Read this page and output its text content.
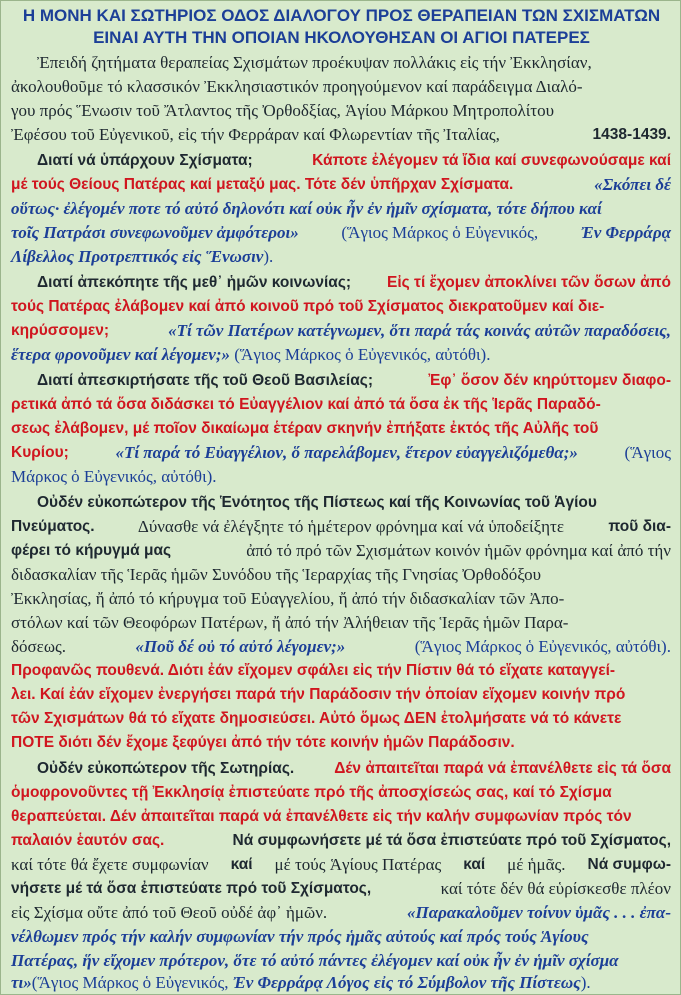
Η ΜΟΝΗ ΚΑΙ ΣΩΤΗΡΙΟΣ ΟΔΟΣ ΔΙΑΛΟΓΟΥ ΠΡΟΣ ΘΕΡΑΠΕΙΑΝ ΤΩΝ ΣΧΙΣΜΑΤΩΝ
ΕΙΝΑΙ ΑΥΤΗ ΤΗΝ ΟΠΟΙΑΝ ΗΚΟΛΟΥΘΗΣΑΝ ΟΙ ΑΓΙΟΙ ΠΑΤΕΡΕΣ
Ἐπειδή ζητήματα θεραπείας Σχισμάτων προέκυψαν πολλάκις εἰς τήν Ἐκκλησίαν,
ἀκολουθοῦμε τό κλασσικόν Ἐκκλησιαστικόν προηγούμενον καί παράδειγμα Διαλό-
γου πρός Ἕνωσιν τοῦ Ἄτλαντος τῆς Ὀρθοδξίας, Ἁγίου Μάρκου Μητροπολίτου
Ἐφέσου τοῦ Εὐγενικοῦ, εἰς τήν Φερράραν καί Φλωρεντίαν τῆς Ἰταλίας,	1438-1439.
Διατί νά ὑπάρχουν Σχίσματα;	Κάποτε ἐλέγομεν τά ἴδια καί συνεφωνούσαμε καί
μέ τούς Θείους Πατέρας καί μεταξύ μας. Τότε δέν ὑπῆρχαν Σχίσματα.	«Σκόπει δέ
οὕτως· ἐλέγομέν ποτε τό αὐτό δηλονότι καί οὐκ ἦν ἐν ἡμῖν σχίσματα, τότε δήπου καί
τοῖς Πατράσι συνεφωνοῦμεν ἀμφότεροι» (Ἅγιος Μάρκος ὁ Εὐγενικός, Ἐν Φερράρᾳ
Λίβελλος Προτρεπτικός εἰς Ἕνωσιν ).
Διατί ἀπεκόπητε τῆς μεθ᾽ ἡμῶν κοινωνίας; Εἰς τί ἔχομεν ἀποκλίνει τῶν ὅσων ἀπό
τούς Πατέρας ἐλάβομεν καί ἀπό κοινοῦ πρό τοῦ Σχίσματος διεκρατοῦμεν καί διε-
κηρύσσομεν;	«Τί τῶν Πατέρων κατέγνωμεν, ὅτι παρά τάς κοινάς αὐτῶν παραδόσεις,
ἕτερα φρονοῦμεν καί λέγομεν;» (Ἅγιος Μάρκος ὁ Εὐγενικός, αὐτόθι).
Διατί ἀπεσκιρτήσατε τῆς τοῦ Θεοῦ Βασιλείας;	Ἐφ᾽ ὅσον δέν κηρύττομεν διαφο-
ρετικά ἀπό τά ὅσα διδάσκει τό Εὐαγγέλιον καί ἀπό τά ὅσα ἐκ τῆς Ἱερᾶς Παραδό-
σεως ἐλάβομεν, μέ ποῖον δικαίωμα ἑτέραν σκηνήν ἐπήξατε ἐκτός τῆς Αὐλῆς τοῦ
Κυρίου; «Τί παρά τό Εὐαγγέλιον, ὅ παρελάβομεν, ἕτερον εὐαγγελιζόμεθα;» (Ἅγιος
Μάρκος ὁ Εὐγενικός, αὐτόθι).
Οὐδέν εὐκοπώτερον τῆς Ἑνότητος τῆς Πίστεως καί τῆς Κοινωνίας τοῦ Ἁγίου
Πνεύματος. Δύνασθε νά ἐλέγξητε τό ἡμέτερον φρόνημα καί νά ὑποδείξητε	ποῦ δια-
φέρει τό κήρυγμά μας	ἀπό τό πρό τῶν Σχισμάτων κοινόν ἡμῶν φρόνημα καί ἀπό τήν
διδασκαλίαν τῆς Ἱερᾶς ἡμῶν Συνόδου τῆς Ἱεραρχίας τῆς Γνησίας Ὀρθοδόξου
Ἐκκλησίας, ἤ ἀπό τό κήρυγμα τοῦ Εὐαγγελίου, ἤ ἀπό τήν διδασκαλίαν τῶν Ἀπο-
στόλων καί τῶν Θεοφόρων Πατέρων, ἤ ἀπό τήν Ἀλήθειαν τῆς Ἱερᾶς ἡμῶν Παρα-
δόσεως.	«Ποῦ δέ οὐ τό αὐτό λέγομεν;»	(Ἅγιος Μάρκος ὁ Εὐγενικός, αὐτόθι).
Προφανῶς πουθενά. Διότι ἐάν εἴχομεν σφάλει εἰς τήν Πίστιν θά τό εἴχατε καταγγεί-
λει. Καί ἐάν εἴχομεν ἐνεργήσει παρά τήν Παράδοσιν τήν ὁποίαν εἴχομεν κοινήν πρό
τῶν Σχισμάτων θά τό εἴχατε δημοσιεύσει. Αὐτό ὅμως ΔΕΝ ἐτολμήσατε νά τό κάνετε
ΠΟΤΕ διότι δέν ἔχομε ξεφύγει ἀπό τήν τότε κοινήν ἡμῶν Παράδοσιν.
Οὐδέν εὐκοπώτερον τῆς Σωτηρίας. Δέν ἀπαιτεῖται παρά νά ἐπανέλθετε εἰς τά ὅσα
ὁμοφρονοῦντες τῇ Ἐκκλησίᾳ ἐπιστεύατε πρό τῆς ἀποσχίσεώς σας, καί τό Σχίσμα
θεραπεύεται. Δέν ἀπαιτεῖται παρά νά ἐπανέλθετε εἰς τήν καλήν συμφωνίαν πρός τόν
παλαιόν ἑαυτόν σας.	Νά συμφωνήσετε μέ τά ὅσα ἐπιστεύατε πρό τοῦ Σχίσματος,
καί τότε θά ἔχετε συμφωνίαν καί μέ τούς Ἁγίους Πατέρας καί μέ ἡμᾶς. Νά συμφω-
νήσετε μέ τά ὅσα ἐπιστεύατε πρό τοῦ Σχίσματος,	καί τότε δέν θά εὑρίσκεσθε πλέον
εἰς Σχίσμα οὔτε ἀπό τοῦ Θεοῦ οὐδέ ἀφ᾽ ἡμῶν.	«Παρακαλοῦμεν τοίνυν ὑμᾶς . . . ἐπα-
νέλθωμεν πρός τήν καλήν συμφωνίαν τήν πρός ἡμᾶς αὐτούς καί πρός τούς Ἁγίους
Πατέρας, ἥν εἴχομεν πρότερον, ὅτε τό αὐτό πάντες ἐλέγομεν καί οὐκ ἦν ἐν ἡμῖν σχίσμα
τι» (Ἅγιος Μάρκος ὁ Εὐγενικός, Ἐν Φερράρᾳ Λόγος εἰς τό Σύμβολον τῆς Πίστεως ).
